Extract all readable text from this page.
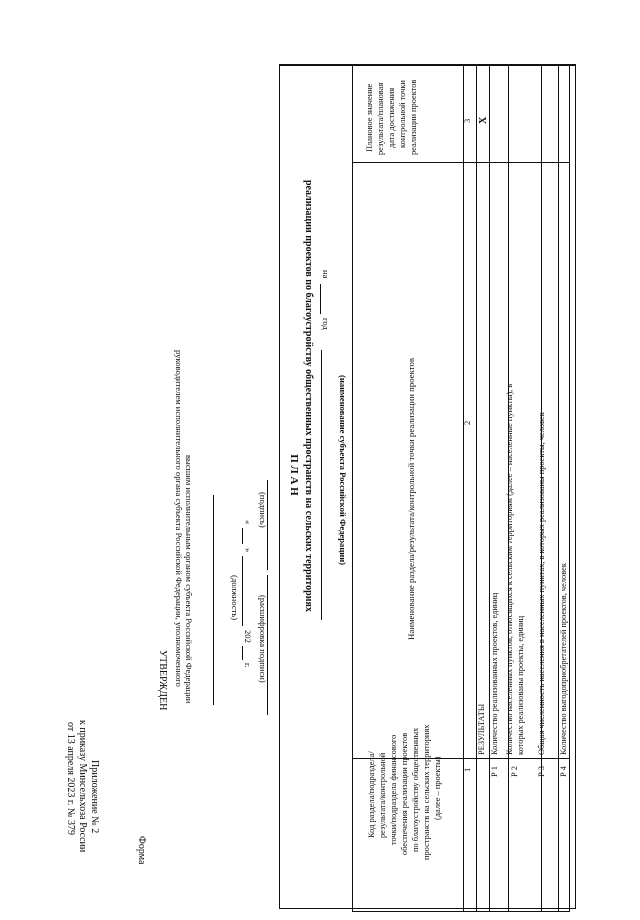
Приложение № 2
к приказу Минсельхоза России
от 13 апреля 2023 г. № 379
Форма
УТВЕРЖДЕН руководителем исполнительного органа субъекта Российской Федерации, уполномоченного высшим исполнительным органом субъекта Российской Федерации	(должность)
«
»
202
г.
(подпись)
(расшифровка подписи)
П Л А Н реализации проектов по благоустройству общественных пространств на сельских территориях на
год
(наименование субъекта Российской Федерации)
Код раздела/подраздела/ результата/контрольной точки/подраздела финансового обеспечения реализации проектов по благоустройству общественных пространств на сельских территориях (далее – проекты)
Наименование раздела/результата/контрольной точки реализации проектов
Плановое значение результата/плановая дата достижения контрольной точки реализации проектов
1
2
3
РЕЗУЛЬТАТЫ
Х
Р 1
Количество реализованных проектов, единиц
Р 2
Количество населенных пунктов, относящихся к сельским территориям (далее – населенные пункты), в которых реализованы проекты, единиц
Р 3
Общая численность населения в населенных пунктах, в которых реализованы проекты, человек
Р 4
Количество выгодоприобретателей проектов, человек
